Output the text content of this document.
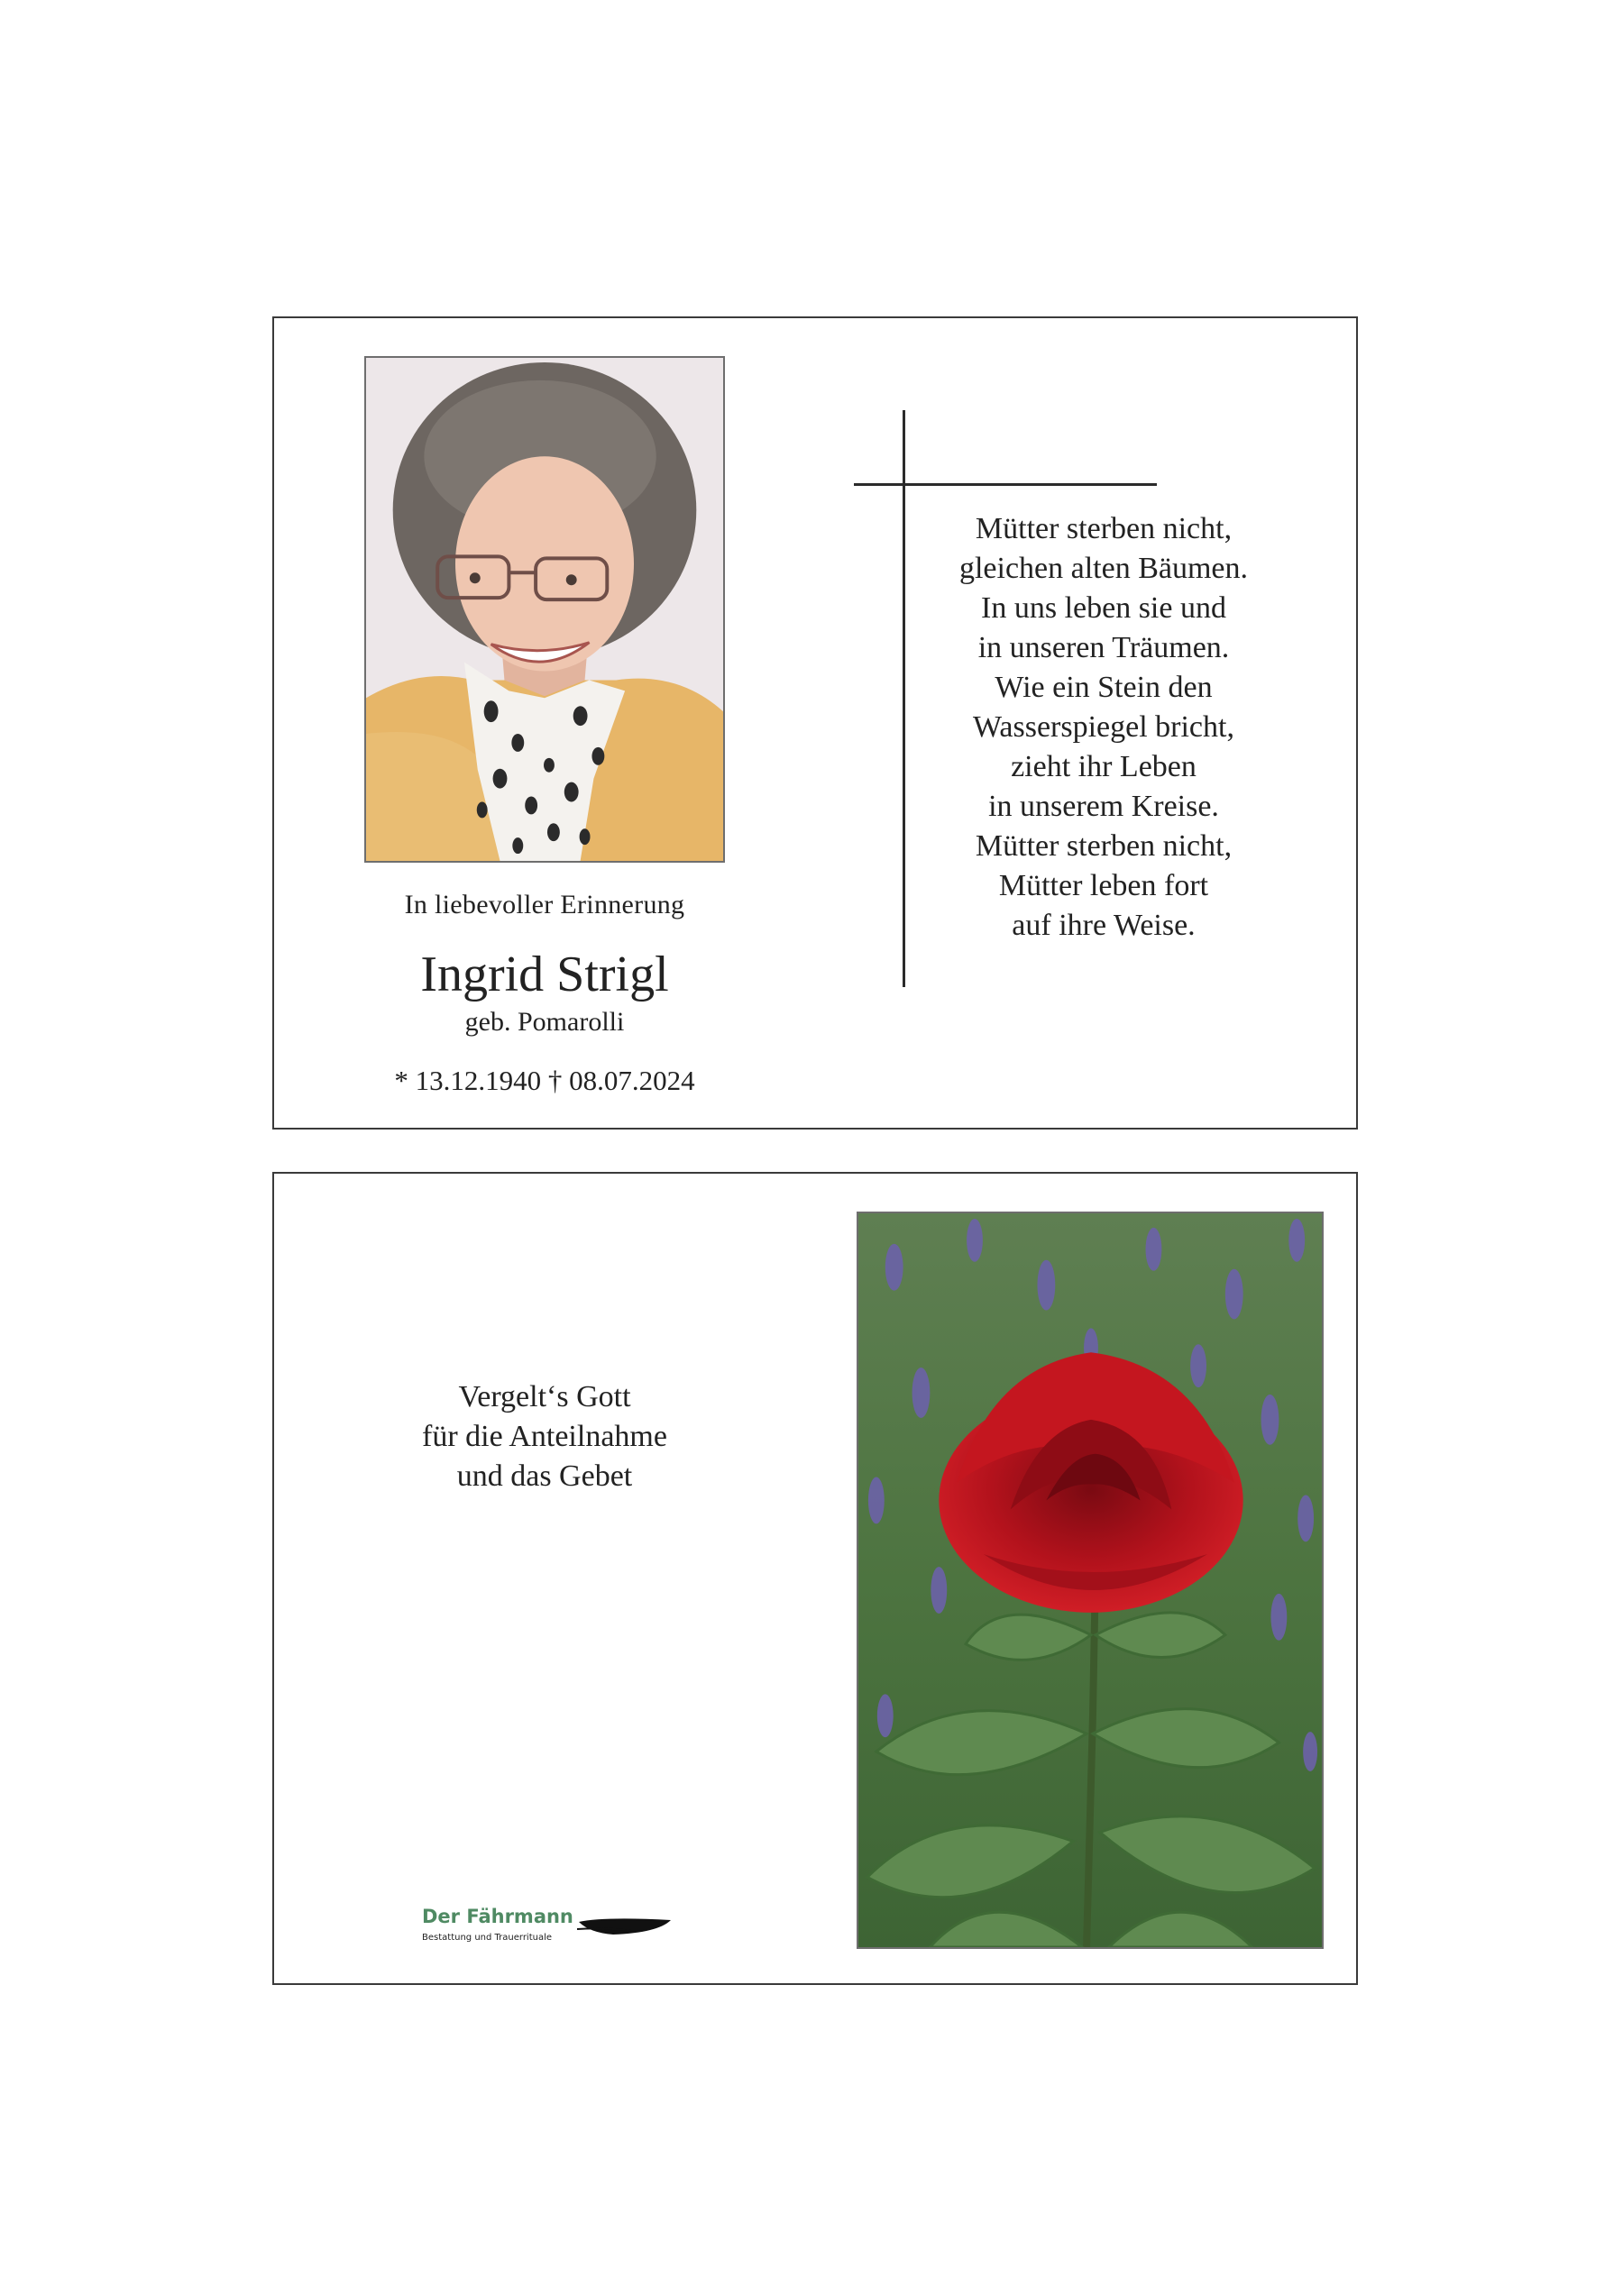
In liebevoller Erinnerung
Ingrid Strigl
geb. Pomarolli
* 13.12.1940 † 08.07.2024
Mütter sterben nicht,
gleichen alten Bäumen.
In uns leben sie und
in unseren Träumen.
Wie ein Stein den
Wasserspiegel bricht,
zieht ihr Leben
in unserem Kreise.
Mütter sterben nicht,
Mütter leben fort
auf ihre Weise.
Vergelt‘s Gott
für die Anteilnahme
und das Gebet
Der Fährmann
Bestattung und Trauerrituale
